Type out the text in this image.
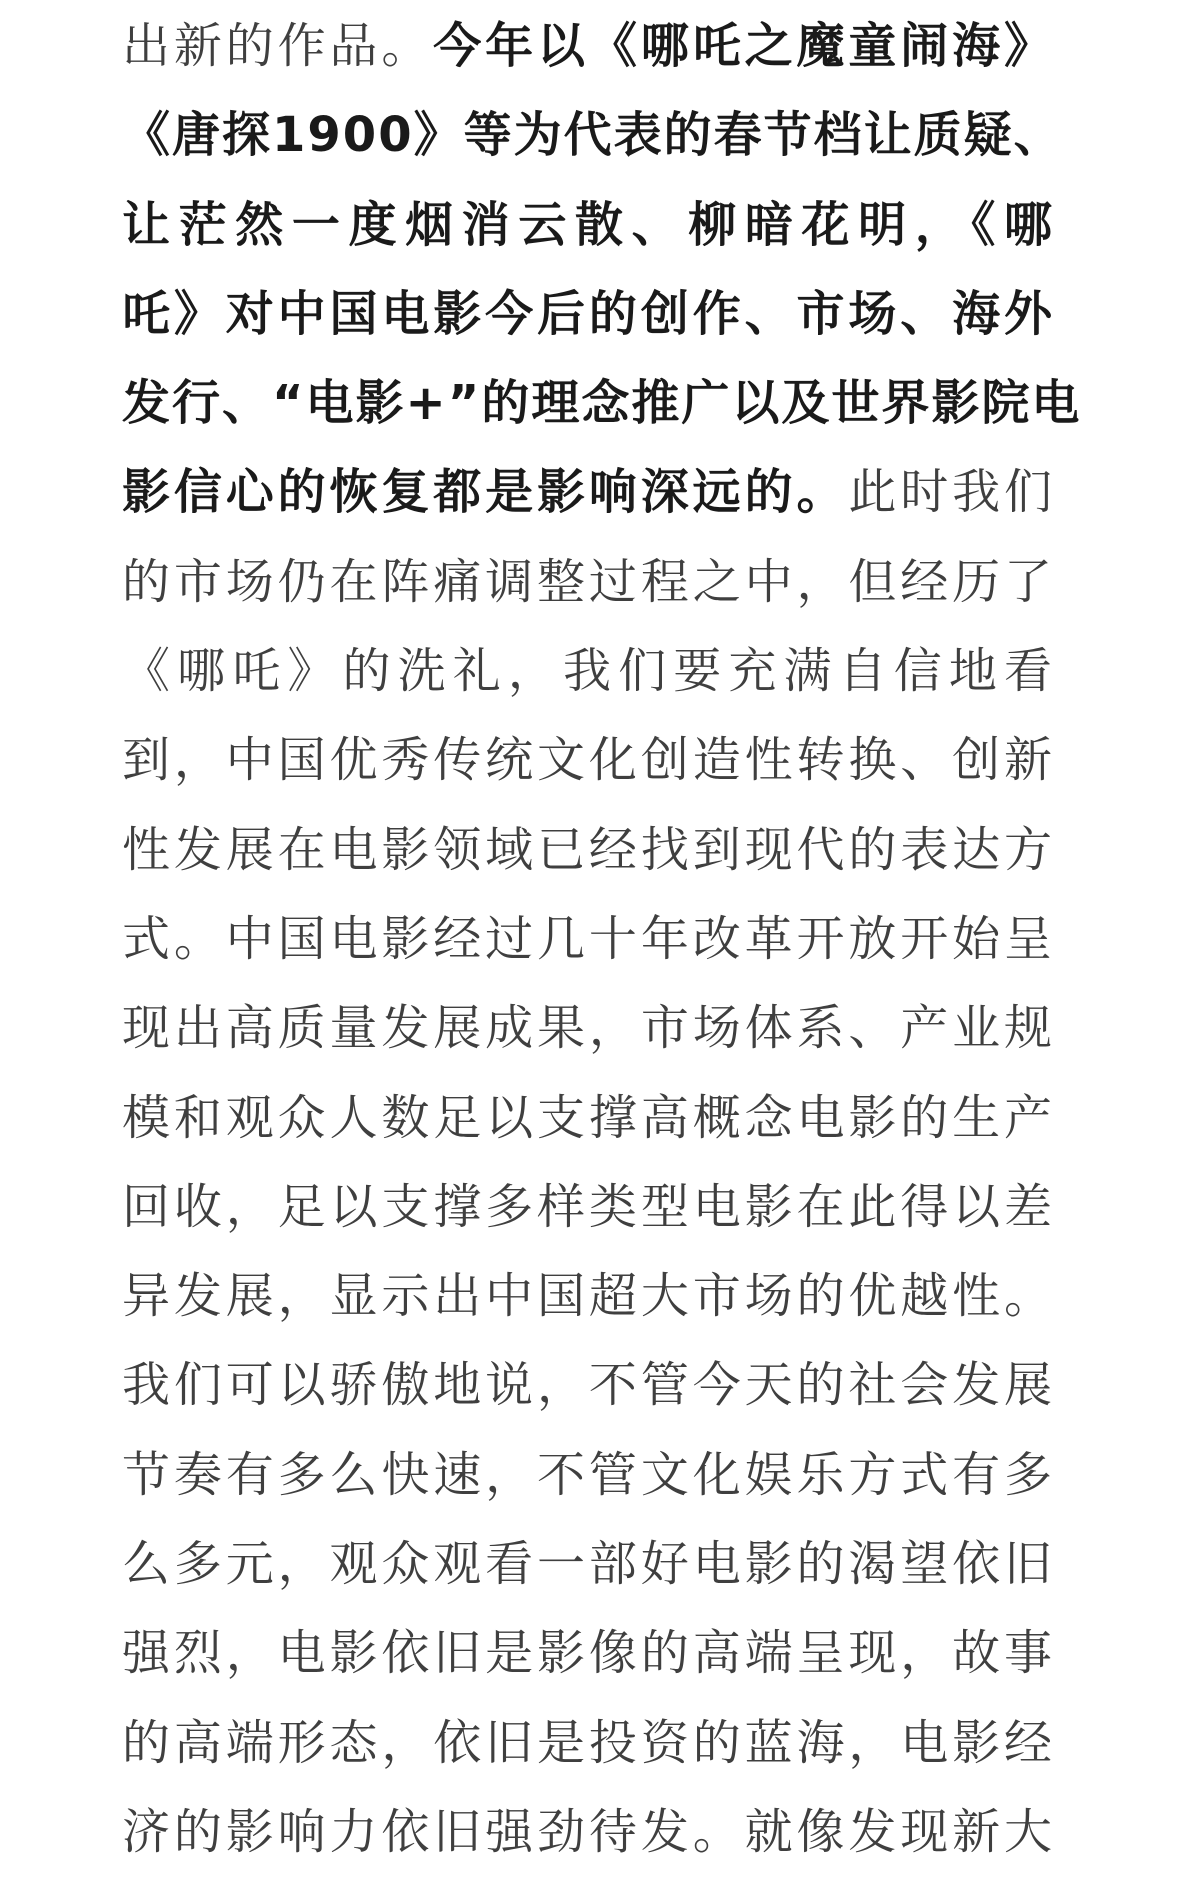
出新的作品。今年以《哪吒之魔童闹海》
《唐探1900》等为代表的春节档让质疑、
让茫然一度烟消云散、柳暗花明，《哪
吒》对中国电影今后的创作、市场、海外
发行、“电影+”的理念推广以及世界影院电
影信心的恢复都是影响深远的。此时我们
的市场仍在阵痛调整过程之中，但经历了
《哪吒》的洗礼，我们要充满自信地看
到，中国优秀传统文化创造性转换、创新
性发展在电影领域已经找到现代的表达方
式。中国电影经过几十年改革开放开始呈
现出高质量发展成果，市场体系、产业规
模和观众人数足以支撑高概念电影的生产
回收，足以支撑多样类型电影在此得以差
异发展，显示出中国超大市场的优越性。
我们可以骄傲地说，不管今天的社会发展
节奏有多么快速，不管文化娱乐方式有多
么多元，观众观看一部好电影的渴望依旧
强烈，电影依旧是影像的高端呈现，故事
的高端形态，依旧是投资的蓝海，电影经
济的影响力依旧强劲待发。就像发现新大
